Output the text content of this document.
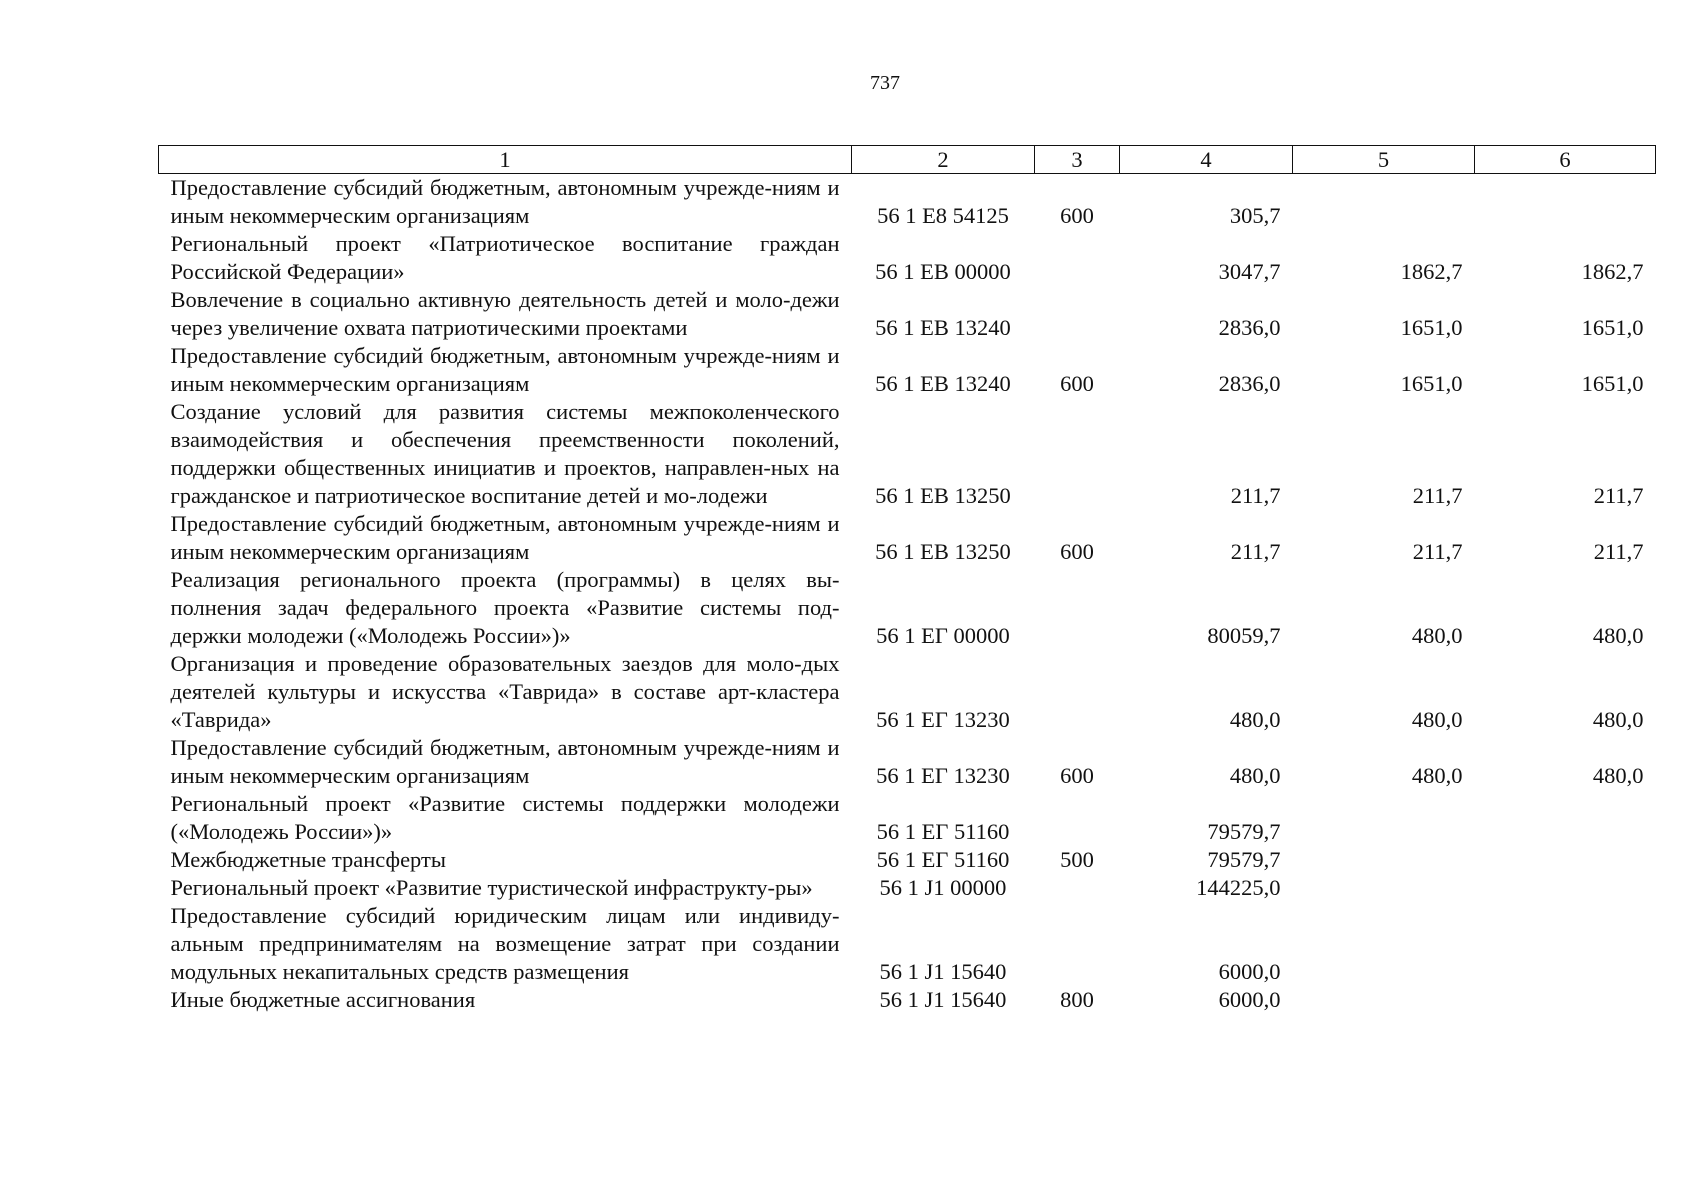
737
1	2	3	4	5	6
Предоставление субсидий бюджетным, автономным учрежде-ниям и иным некоммерческим организациям	56 1 E8 54125	600	305,7		
Региональный проект «Патриотическое воспитание граждан Российской Федерации»	56 1 EB 00000		3047,7	1862,7	1862,7
Вовлечение в социально активную деятельность детей и моло-дежи через увеличение охвата патриотическими проектами	56 1 EB 13240		2836,0	1651,0	1651,0
Предоставление субсидий бюджетным, автономным учрежде-ниям и иным некоммерческим организациям	56 1 EB 13240	600	2836,0	1651,0	1651,0
Создание условий для развития системы межпоколенческого взаимодействия и обеспечения преемственности поколений, поддержки общественных инициатив и проектов, направлен-ных на гражданское и патриотическое воспитание детей и мо-лодежи	56 1 EB 13250		211,7	211,7	211,7
Предоставление субсидий бюджетным, автономным учрежде-ниям и иным некоммерческим организациям	56 1 EB 13250	600	211,7	211,7	211,7
Реализация регионального проекта (программы) в целях вы-полнения задач федерального проекта «Развитие системы под-держки молодежи («Молодежь России»)»	56 1 EГ 00000		80059,7	480,0	480,0
Организация и проведение образовательных заездов для моло-дых деятелей культуры и искусства «Таврида» в составе арт-кластера «Таврида»	56 1 EГ 13230		480,0	480,0	480,0
Предоставление субсидий бюджетным, автономным учрежде-ниям и иным некоммерческим организациям	56 1 EГ 13230	600	480,0	480,0	480,0
Региональный проект «Развитие системы поддержки молодежи («Молодежь России»)»	56 1 EГ 51160		79579,7		
Межбюджетные трансферты	56 1 EГ 51160	500	79579,7		
Региональный проект «Развитие туристической инфраструкту-ры»	56 1 J1 00000		144225,0		
Предоставление субсидий юридическим лицам или индивиду-альным предпринимателям на возмещение затрат при создании модульных некапитальных средств размещения	56 1 J1 15640		6000,0		
Иные бюджетные ассигнования	56 1 J1 15640	800	6000,0		
